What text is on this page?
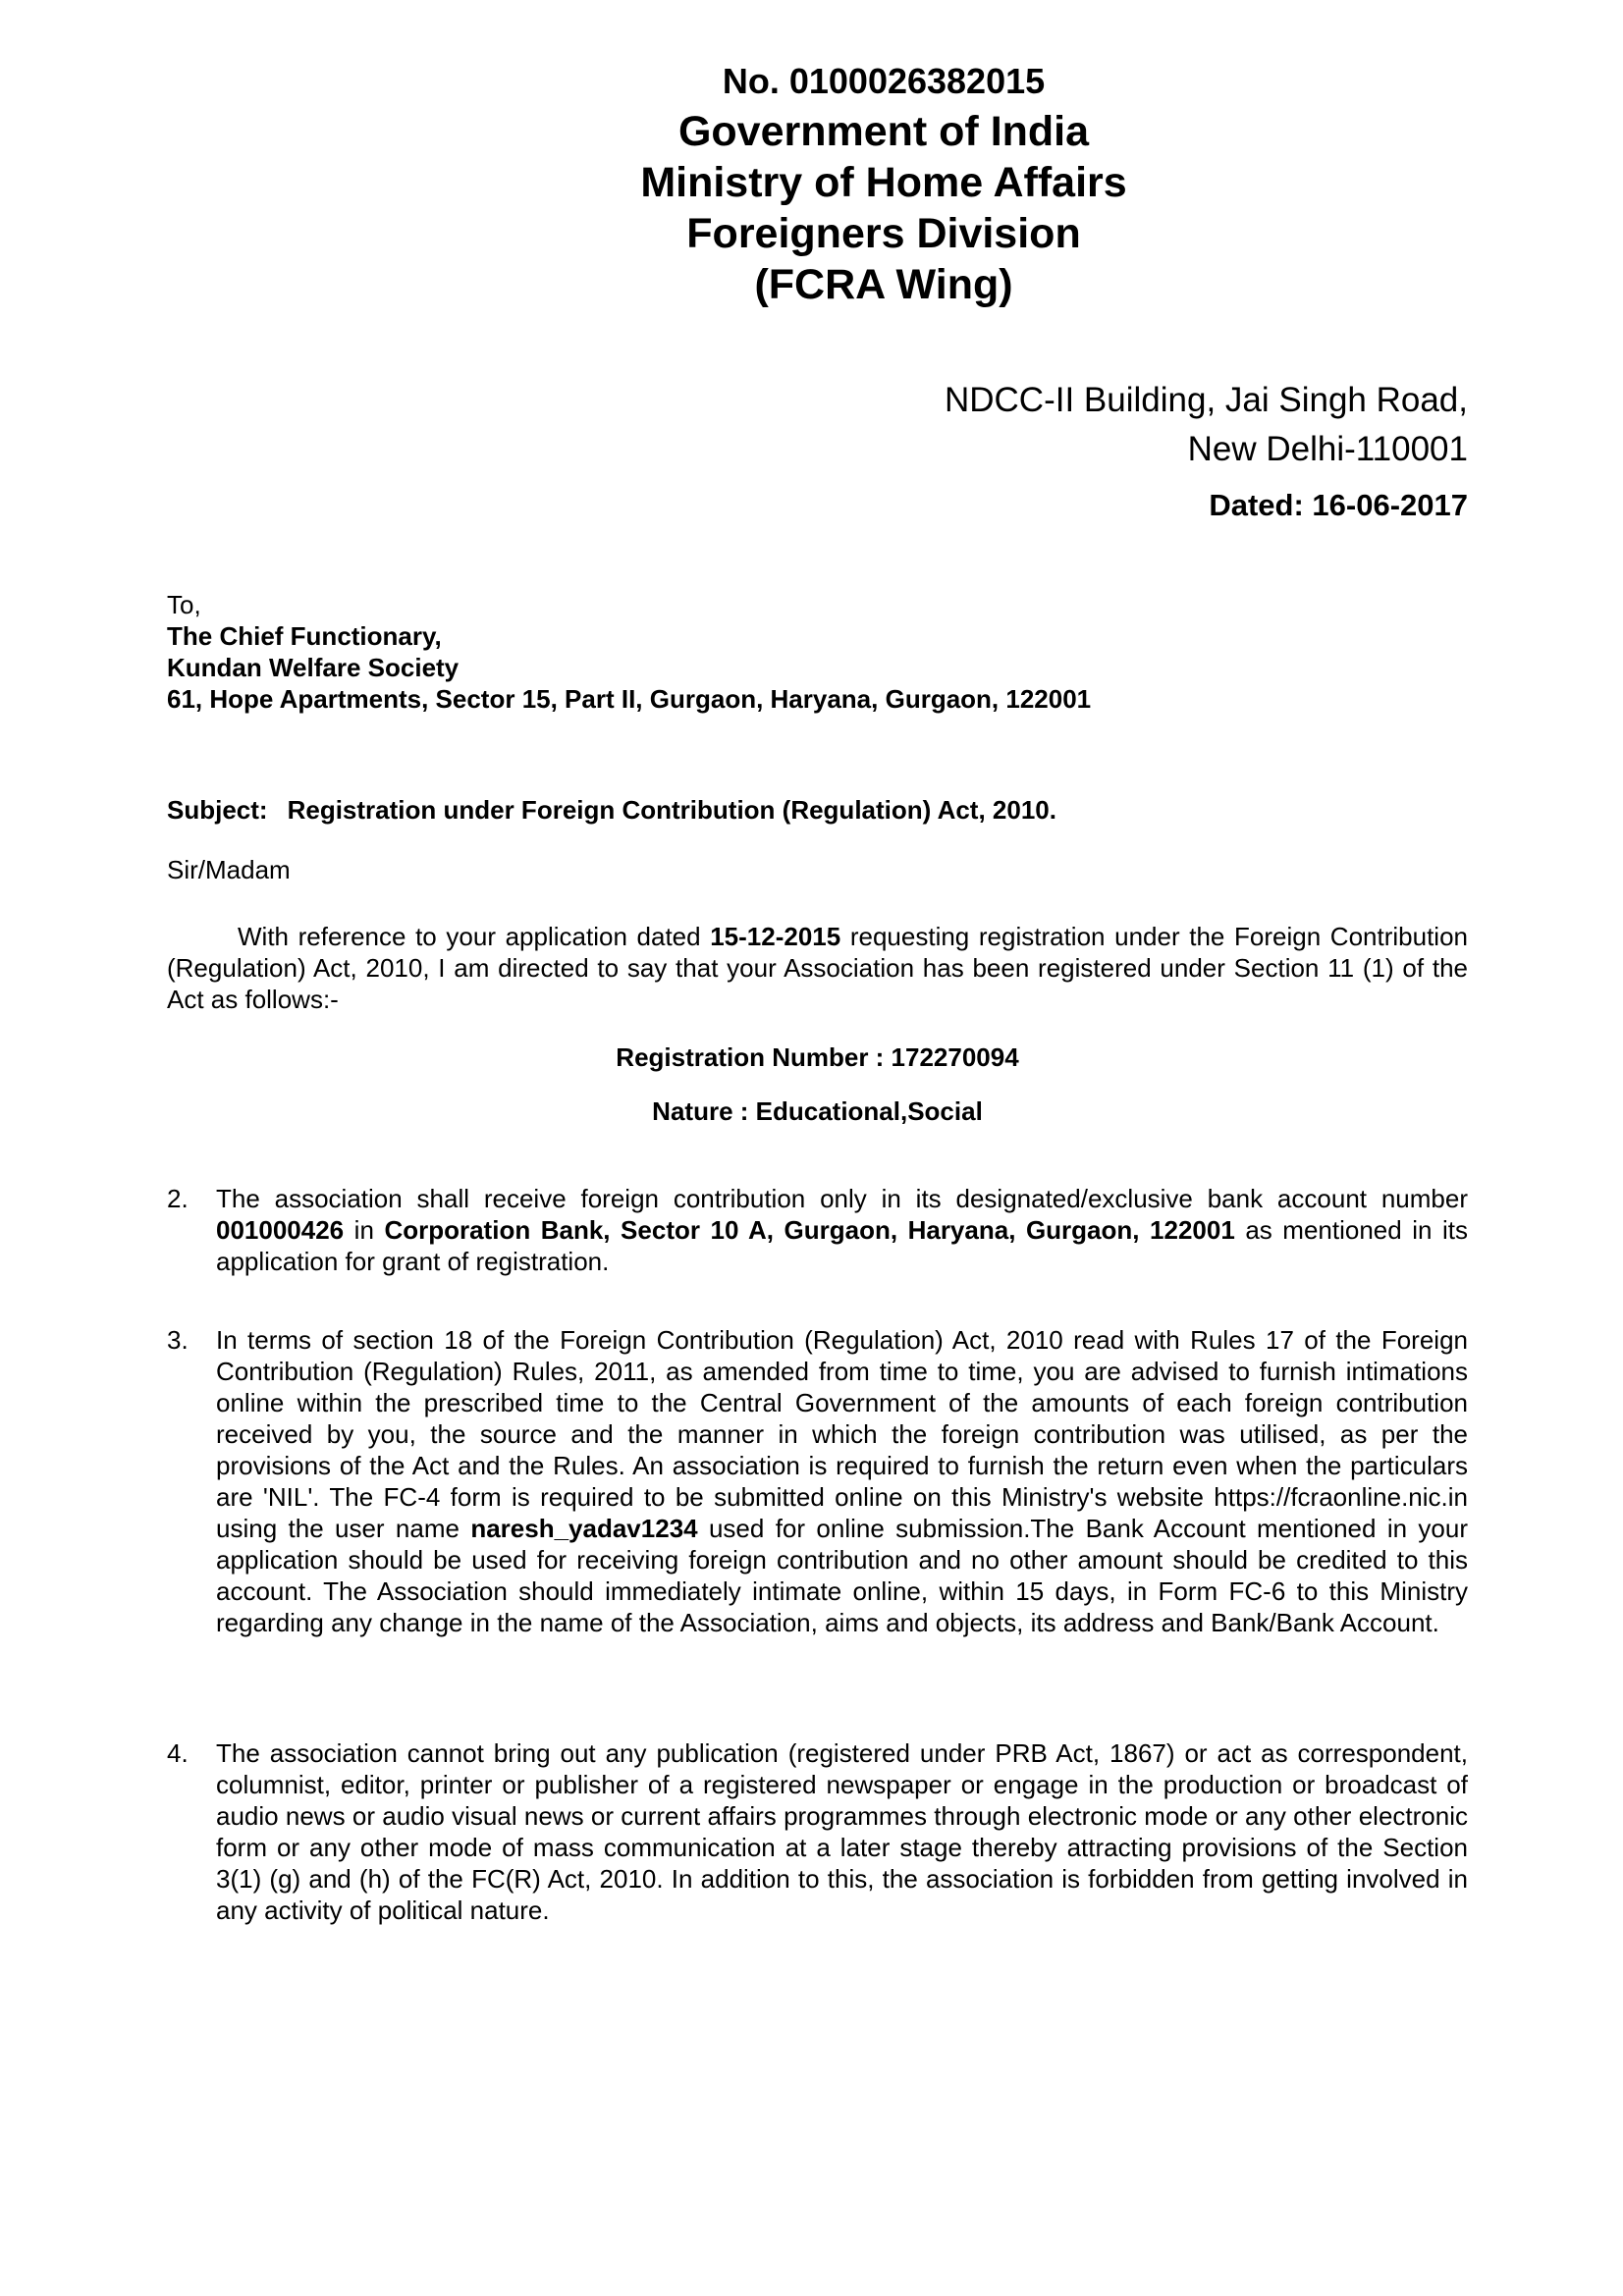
No. 0100026382015
Government of India
Ministry of Home Affairs
Foreigners Division
(FCRA Wing)
NDCC-II Building, Jai Singh Road,
New Delhi-110001
Dated: 16-06-2017
To,
The Chief Functionary,
Kundan Welfare Society
61, Hope Apartments, Sector 15, Part II, Gurgaon, Haryana, Gurgaon, 122001
Subject: Registration under Foreign Contribution (Regulation) Act, 2010.
Sir/Madam
With reference to your application dated 15-12-2015 requesting registration under the Foreign Contribution (Regulation) Act, 2010, I am directed to say that your Association has been registered under Section 11 (1) of the Act as follows:-
Registration Number : 172270094
Nature : Educational,Social
2. The association shall receive foreign contribution only in its designated/exclusive bank account number 001000426 in Corporation Bank, Sector 10 A, Gurgaon, Haryana, Gurgaon, 122001 as mentioned in its application for grant of registration.
3. In terms of section 18 of the Foreign Contribution (Regulation) Act, 2010 read with Rules 17 of the Foreign Contribution (Regulation) Rules, 2011, as amended from time to time, you are advised to furnish intimations online within the prescribed time to the Central Government of the amounts of each foreign contribution received by you, the source and the manner in which the foreign contribution was utilised, as per the provisions of the Act and the Rules. An association is required to furnish the return even when the particulars are 'NIL'. The FC-4 form is required to be submitted online on this Ministry's website https://fcraonline.nic.in using the user name naresh_yadav1234 used for online submission.The Bank Account mentioned in your application should be used for receiving foreign contribution and no other amount should be credited to this account. The Association should immediately intimate online, within 15 days, in Form FC-6 to this Ministry regarding any change in the name of the Association, aims and objects, its address and Bank/Bank Account.
4. The association cannot bring out any publication (registered under PRB Act, 1867) or act as correspondent, columnist, editor, printer or publisher of a registered newspaper or engage in the production or broadcast of audio news or audio visual news or current affairs programmes through electronic mode or any other electronic form or any other mode of mass communication at a later stage thereby attracting provisions of the Section 3(1) (g) and (h) of the FC(R) Act, 2010. In addition to this, the association is forbidden from getting involved in any activity of political nature.
